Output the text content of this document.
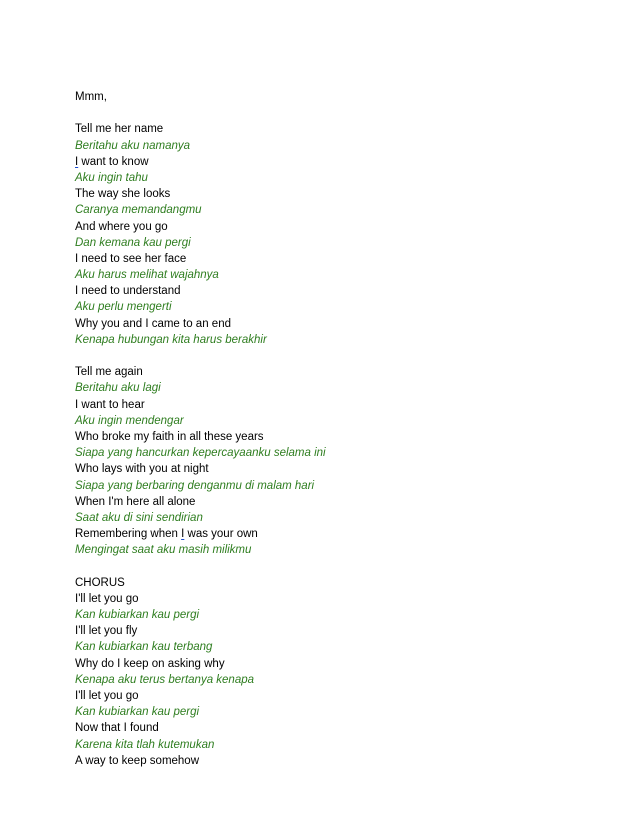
Mmm,
Tell me her name
Beritahu aku namanya
I want to know
Aku ingin tahu
The way she looks
Caranya memandangmu
And where you go
Dan kemana kau pergi
I need to see her face
Aku harus melihat wajahnya
I need to understand
Aku perlu mengerti
Why you and I came to an end
Kenapa hubungan kita harus berakhir
Tell me again
Beritahu aku lagi
I want to hear
Aku ingin mendengar
Who broke my faith in all these years
Siapa yang hancurkan kepercayaanku selama ini
Who lays with you at night
Siapa yang berbaring denganmu di malam hari
When I'm here all alone
Saat aku di sini sendirian
Remembering when I was your own
Mengingat saat aku masih milikmu
CHORUS
I'll let you go
Kan kubiarkan kau pergi
I'll let you fly
Kan kubiarkan kau terbang
Why do I keep on asking why
Kenapa aku terus bertanya kenapa
I'll let you go
Kan kubiarkan kau pergi
Now that I found
Karena kita tlah kutemukan
A way to keep somehow
